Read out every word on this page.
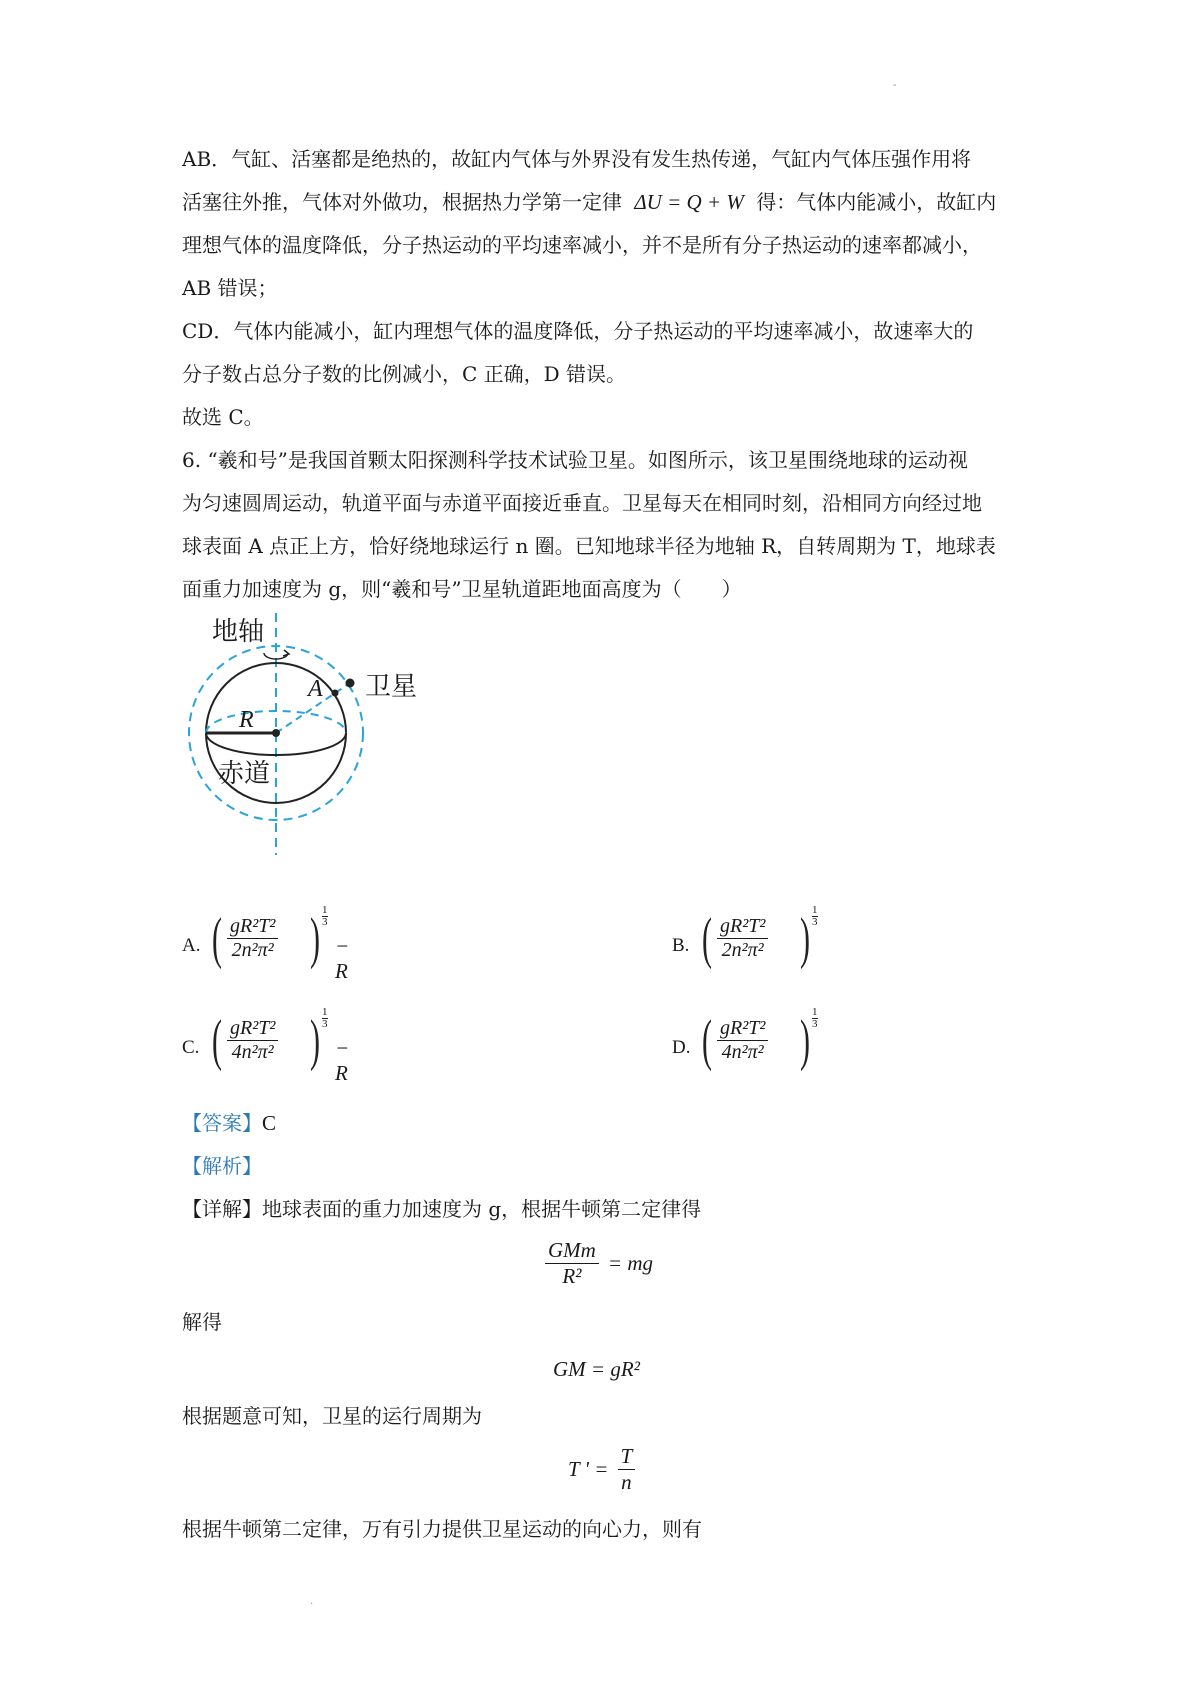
-
AB．气缸、活塞都是绝热的，故缸内气体与外界没有发生热传递，气缸内气体压强作用将
活塞往外推，气体对外做功，根据热力学第一定律 ΔU = Q + W 得：气体内能减小，故缸内
理想气体的温度降低，分子热运动的平均速率减小，并不是所有分子热运动的速率都减小，
AB 错误；
CD．气体内能减小，缸内理想气体的温度降低，分子热运动的平均速率减小，故速率大的
分子数占总分子数的比例减小，C 正确，D 错误。
故选 C。
6. “羲和号”是我国首颗太阳探测科学技术试验卫星。如图所示，该卫星围绕地球的运动视
为匀速圆周运动，轨道平面与赤道平面接近垂直。卫星每天在相同时刻，沿相同方向经过地
球表面 A 点正上方，恰好绕地球运行 n 圈。已知地球半径为地轴 R，自转周期为 T，地球表
面重力加速度为 g，则“羲和号”卫星轨道距地面高度为（　　）
地轴
卫星
A
R
赤道
A. ( $\frac{\text{gR²T²}}{\text{2n²π²}}$ ) 1
3
− R
B. ( $\frac{\text{gR²T²}}{\text{2n²π²}}$ ) 1
3
C. ( $\frac{\text{gR²T²}}{\text{4n²π²}}$ ) 1
3
− R
D. ( $\frac{\text{gR²T²}}{\text{4n²π²}}$ ) 1
3
【答案】C
【解析】
【详解】地球表面的重力加速度为 g，根据牛顿第二定律得
$\frac{\text{GMm}}{\text{R²}}$ = mg
解得
GM = gR²
根据题意可知，卫星的运行周期为
T ' = $\frac{T}{n}$
根据牛顿第二定律，万有引力提供卫星运动的向心力，则有
.
